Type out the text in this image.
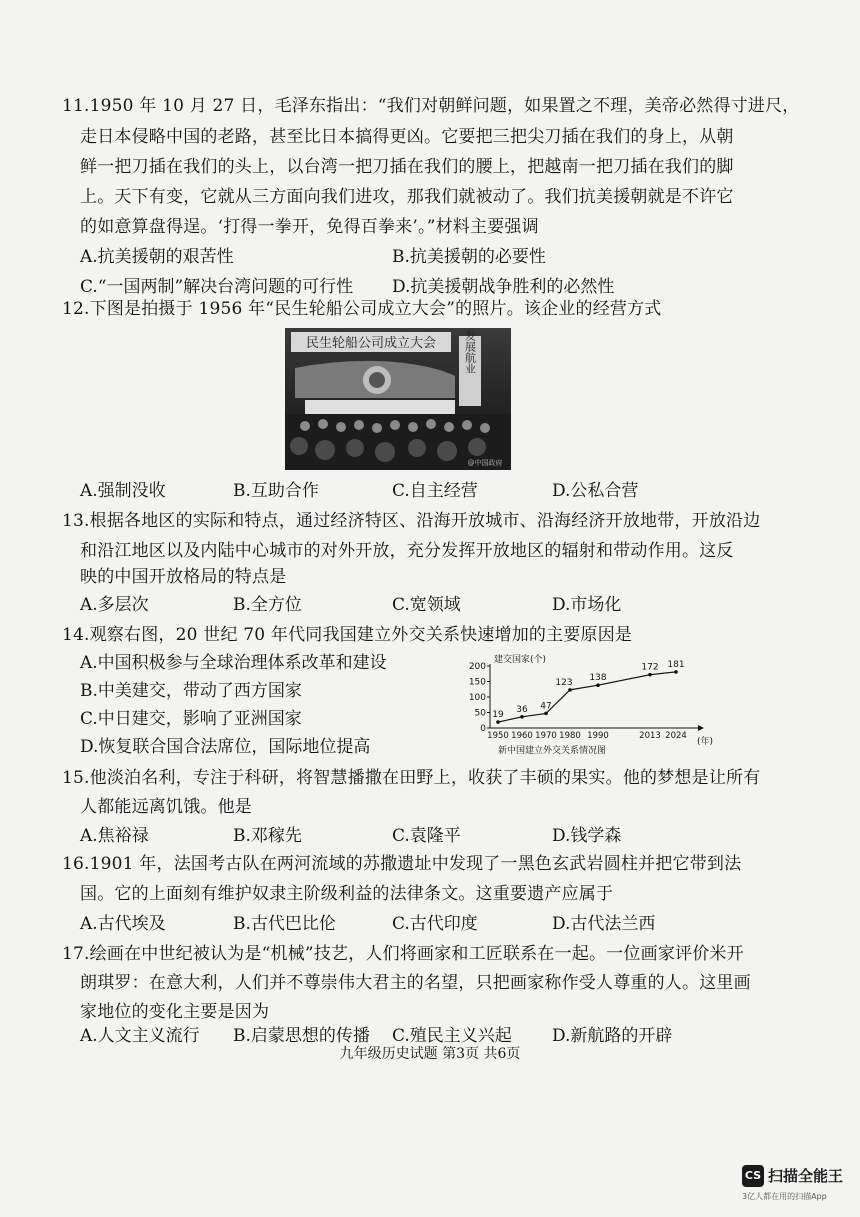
11.1950 年 10 月 27 日，毛泽东指出：“我们对朝鲜问题，如果置之不理，美帝必然得寸进尺，
走日本侵略中国的老路，甚至比日本搞得更凶。它要把三把尖刀插在我们的身上，从朝
鲜一把刀插在我们的头上，以台湾一把刀插在我们的腰上，把越南一把刀插在我们的脚
上。天下有变，它就从三方面向我们进攻，那我们就被动了。我们抗美援朝就是不许它
的如意算盘得逞。‘打得一拳开，免得百拳来’。”材料主要强调
A.抗美援朝的艰苦性	B.抗美援朝的必要性
C.“一国两制”解决台湾问题的可行性 D.抗美援朝战争胜利的必然性
12.下图是拍摄于 1956 年“民生轮船公司成立大会”的照片。该企业的经营方式
民生轮船公司成立大会 发展航业
@中国政府
A.强制没收	B.互助合作	C.自主经营	D.公私合营
13.根据各地区的实际和特点，通过经济特区、沿海开放城市、沿海经济开放地带，开放沿边
和沿江地区以及内陆中心城市的对外开放，充分发挥开放地区的辐射和带动作用。这反
映的中国开放格局的特点是
A.多层次	B.全方位	C.宽领域	D.市场化
14.观察右图，20 世纪 70 年代同我国建立外交关系快速增加的主要原因是
A.中国积极参与全球治理体系改革和建设
B.中美建交，带动了西方国家
C.中日建交，影响了亚洲国家
D.恢复联合国合法席位，国际地位提高
建交国家(个)
(年)
新中国建立外交关系情况图
0
50
100
150
200
1950 1960 1970 1980 1990	2013 2024
19
36 47
123 138
172 181
15.他淡泊名利，专注于科研，将智慧播撒在田野上，收获了丰硕的果实。他的梦想是让所有
人都能远离饥饿。他是
A.焦裕禄	B.邓稼先	C.袁隆平	D.钱学森
16.1901 年，法国考古队在两河流域的苏撒遗址中发现了一黑色玄武岩圆柱并把它带到法
国。它的上面刻有维护奴隶主阶级利益的法律条文。这重要遗产应属于
A.古代埃及	B.古代巴比伦	C.古代印度	D.古代法兰西
17.绘画在中世纪被认为是“机械”技艺，人们将画家和工匠联系在一起。一位画家评价米开
朗琪罗：在意大利，人们并不尊崇伟大君主的名望，只把画家称作受人尊重的人。这里画
家地位的变化主要是因为
A.人文主义流行 B.启蒙思想的传播 C.殖民主义兴起 D.新航路的开辟
九年级历史试题 第3页 共6页
CS 扫描全能王
3亿人都在用的扫描App
